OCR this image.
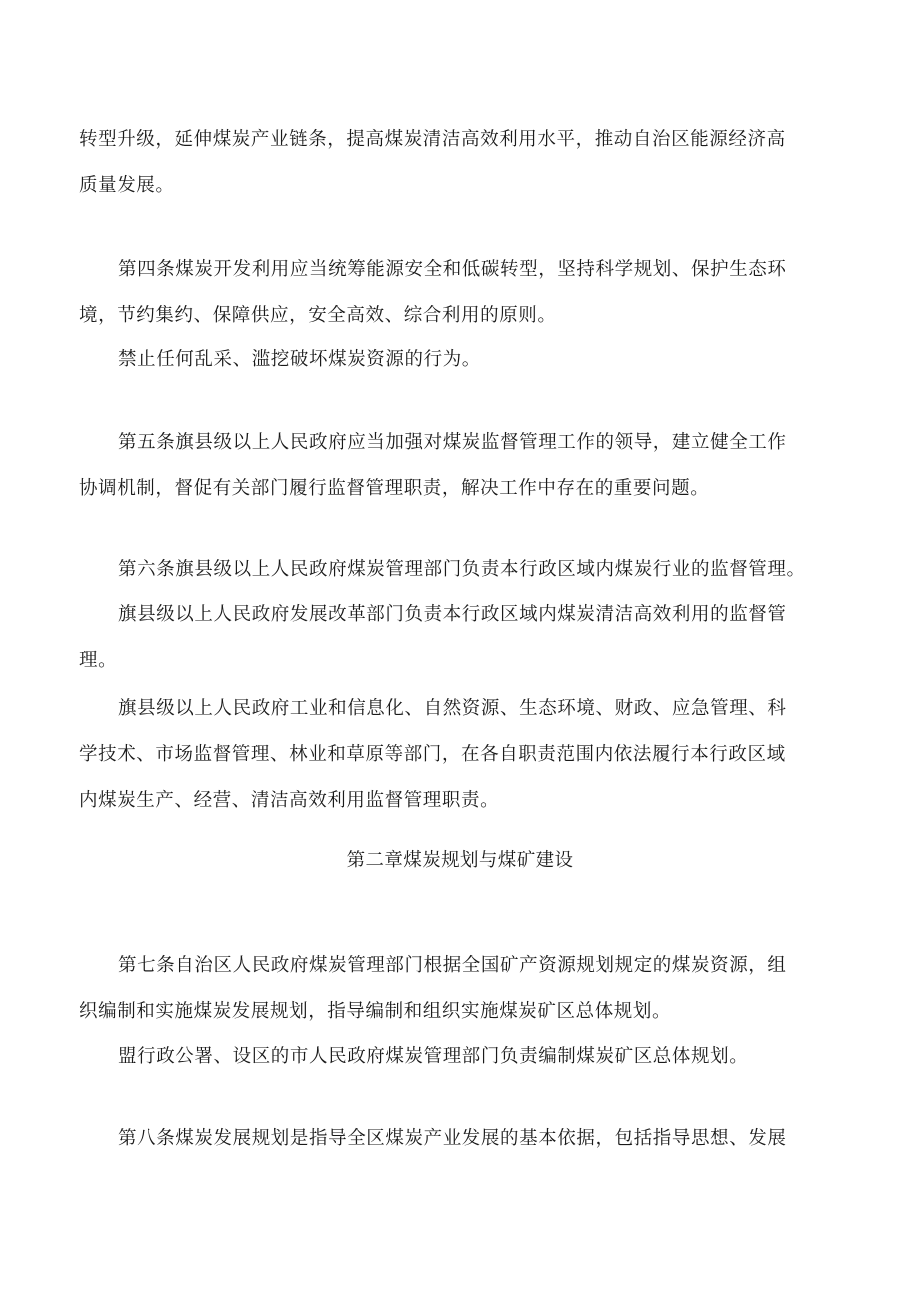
转型升级，延伸煤炭产业链条，提高煤炭清洁高效利用水平，推动自治区能源经济高
质量发展。
第四条煤炭开发利用应当统筹能源安全和低碳转型，坚持科学规划、保护生态环
境，节约集约、保障供应，安全高效、综合利用的原则。
禁止任何乱采、滥挖破坏煤炭资源的行为。
第五条旗县级以上人民政府应当加强对煤炭监督管理工作的领导，建立健全工作
协调机制，督促有关部门履行监督管理职责，解决工作中存在的重要问题。
第六条旗县级以上人民政府煤炭管理部门负责本行政区域内煤炭行业的监督管理。
旗县级以上人民政府发展改革部门负责本行政区域内煤炭清洁高效利用的监督管
理。
旗县级以上人民政府工业和信息化、自然资源、生态环境、财政、应急管理、科
学技术、市场监督管理、林业和草原等部门，在各自职责范围内依法履行本行政区域
内煤炭生产、经营、清洁高效利用监督管理职责。
第二章煤炭规划与煤矿建设
第七条自治区人民政府煤炭管理部门根据全国矿产资源规划规定的煤炭资源，组
织编制和实施煤炭发展规划，指导编制和组织实施煤炭矿区总体规划。
盟行政公署、设区的市人民政府煤炭管理部门负责编制煤炭矿区总体规划。
第八条煤炭发展规划是指导全区煤炭产业发展的基本依据，包括指导思想、发展
